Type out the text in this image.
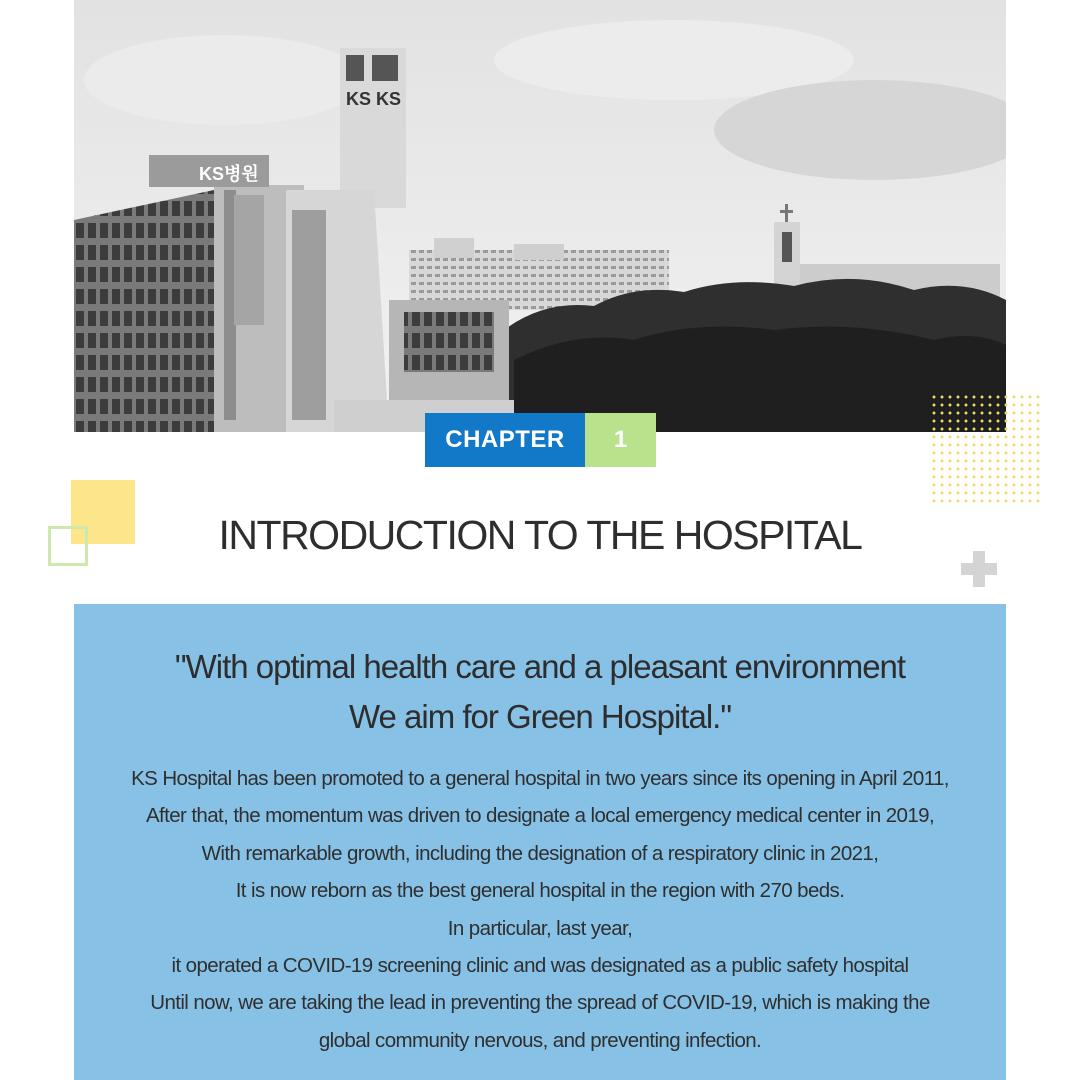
KS병원
KS KS
CHAPTER	1
INTRODUCTION TO THE HOSPITAL
"With optimal health care and a pleasant environment
We aim for Green Hospital."
KS Hospital has been promoted to a general hospital in two years since its opening in April 2011,
After that, the momentum was driven to designate a local emergency medical center in 2019,
With remarkable growth, including the designation of a respiratory clinic in 2021,
It is now reborn as the best general hospital in the region with 270 beds.
In particular, last year,
it operated a COVID-19 screening clinic and was designated as a public safety hospital
Until now, we are taking the lead in preventing the spread of COVID-19, which is making the
global community nervous, and preventing infection.
